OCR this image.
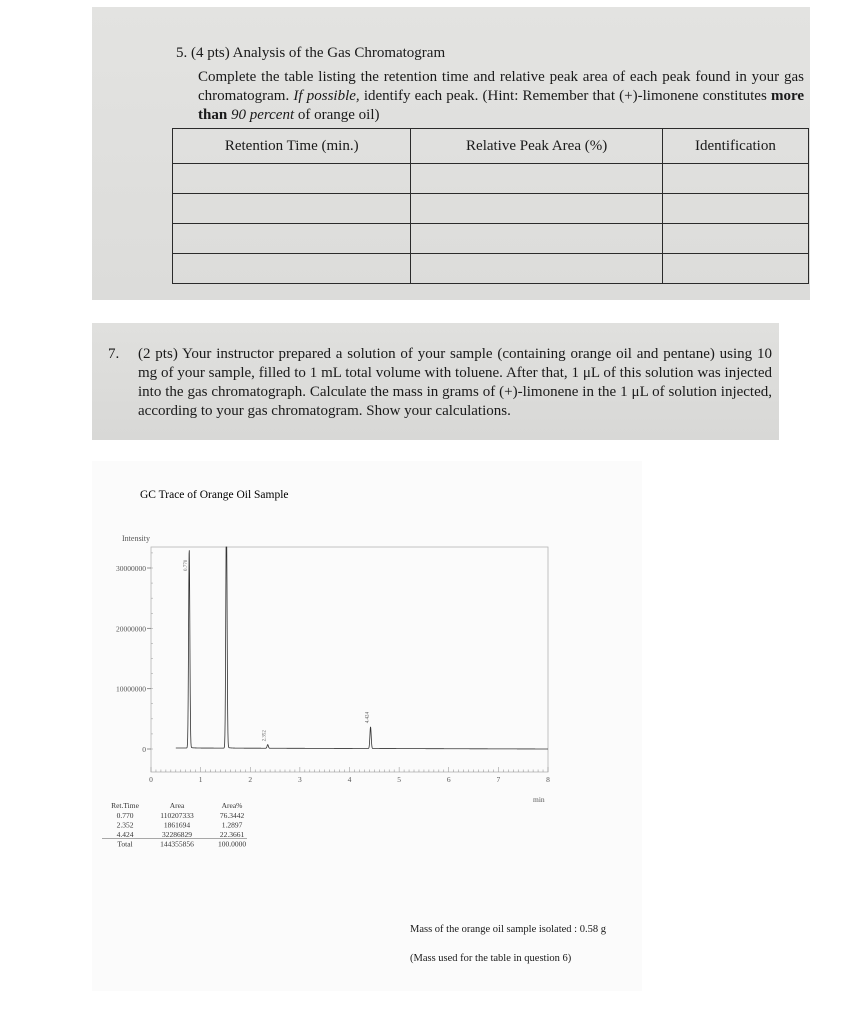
5. (4 pts) Analysis of the Gas Chromatogram
Complete the table listing the retention time and relative peak area of each peak found in your gas chromatogram. If possible, identify each peak. (Hint: Remember that (+)-limonene constitutes more than 90 percent of orange oil)
Retention Time (min.)	Relative Peak Area (%)	Identification

7. (2 pts) Your instructor prepared a solution of your sample (containing orange oil and pentane) using 10 mg of your sample, filled to 1 mL total volume with toluene. After that, 1 μL of this solution was injected into the gas chromatograph. Calculate the mass in grams of (+)-limonene in the 1 μL of solution injected, according to your gas chromatogram. Show your calculations.
GC Trace of Orange Oil Sample
Intensity
min
0
10000000
20000000
30000000
0	1	2	3	4	5	6	7	8
0.770
2.352
4.424
Ret.Time	Area	Area%
0.770	110207333	76.3442
2.352	1861694	1.2897
4.424	32286829	22.3661
Total	144355856	100.0000
Mass of the orange oil sample isolated : 0.58 g
(Mass used for the table in question 6)
